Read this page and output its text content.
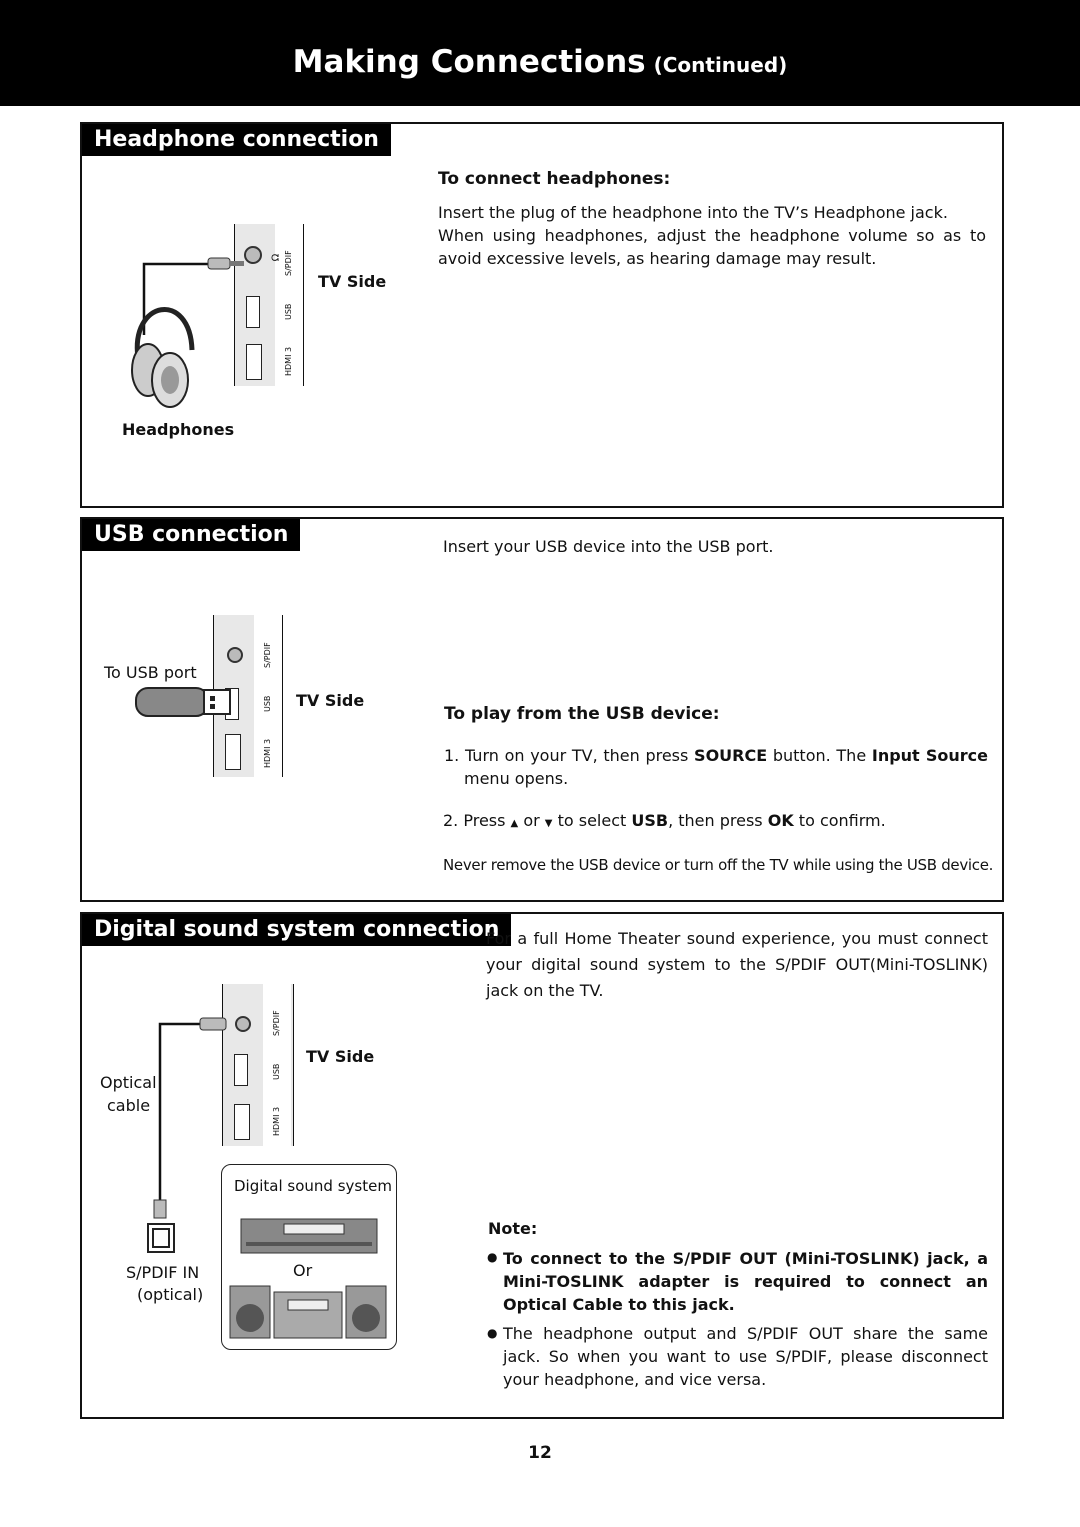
Making Connections (Continued)
Headphone connection
Ω S/PDIF
USB
HDMI 3
TV Side
Headphones
To connect headphones:
Insert the plug of the headphone into the TV’s Headphone jack.
When using headphones, adjust the headphone volume so as to avoid excessive levels, as hearing damage may result.
USB connection	Insert your USB device into the USB port.
S/PDIF
USB
HDMI 3
To USB port
TV Side
To play from the USB device:
1. Turn on your TV, then press SOURCE button. The Input Source
menu opens.
2. Press ▲ or ▼ to select USB, then press OK to confirm.
Never remove the USB device or turn off the TV while using the USB device.
Digital sound system connection
For a full Home Theater sound experience, you must connect your digital sound system to the S/PDIF OUT(Mini-TOSLINK) jack on the TV.
S/PDIF
USB
HDMI 3
TV Side
Optical
cable
S/PDIF IN
(optical)
Digital sound system
Or
Note:
● To connect to the S/PDIF OUT (Mini-TOSLINK) jack, a Mini-TOSLINK adapter is required to connect an Optical Cable to this jack.
● The headphone output and S/PDIF OUT share the same jack. So when you want to use S/PDIF, please disconnect your headphone, and vice versa.
12
